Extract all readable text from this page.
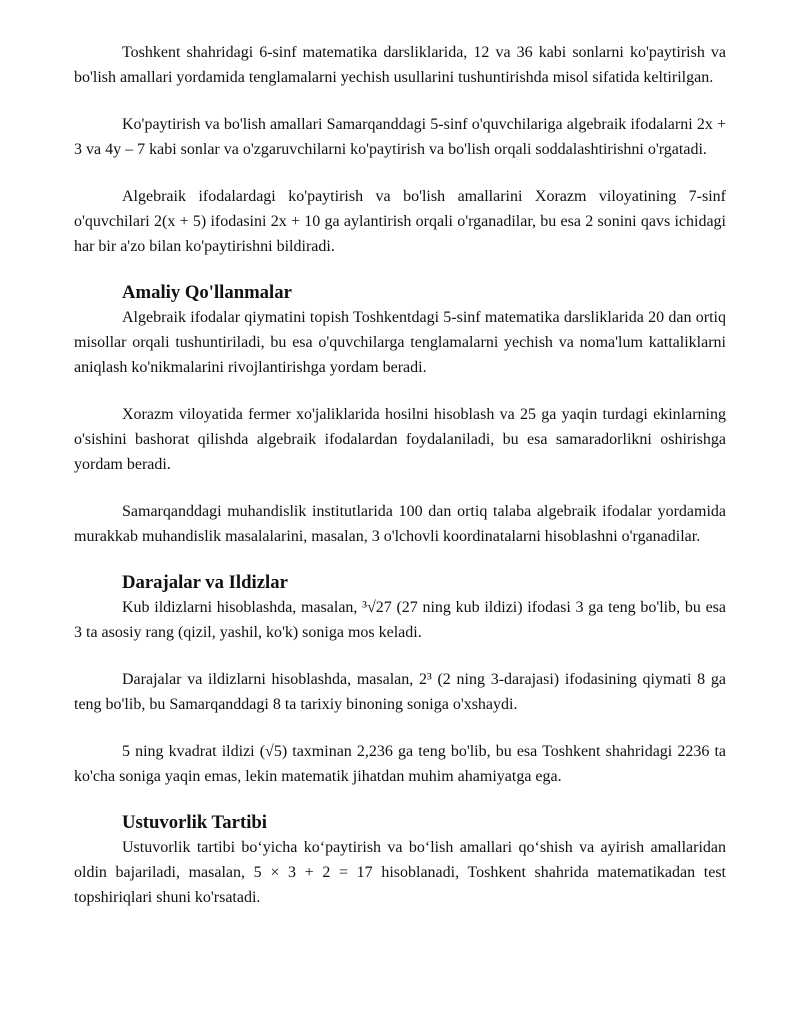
Toshkent shahridagi 6-sinf matematika darsliklarida, 12 va 36 kabi sonlarni ko'paytirish va bo'lish amallari yordamida tenglamalarni yechish usullarini tushuntirishda misol sifatida keltirilgan.

Ko'paytirish va bo'lish amallari Samarqanddagi 5-sinf o'quvchilariga algebraik ifodalarni 2x + 3 va 4y – 7 kabi sonlar va o'zgaruvchilarni ko'paytirish va bo'lish orqali soddalashtirishni o'rgatadi.

Algebraik ifodalardagi ko'paytirish va bo'lish amallarini Xorazm viloyatining 7-sinf o'quvchilari 2(x + 5) ifodasini 2x + 10 ga aylantirish orqali o'rganadilar, bu esa 2 sonini qavs ichidagi har bir a'zo bilan ko'paytirishni bildiradi.

Amaliy Qo'llanmalar

Algebraik ifodalar qiymatini topish Toshkentdagi 5-sinf matematika darsliklarida 20 dan ortiq misollar orqali tushuntiriladi, bu esa o'quvchilarga tenglamalarni yechish va noma'lum kattaliklarni aniqlash ko'nikmalarini rivojlantirishga yordam beradi.

Xorazm viloyatida fermer xo'jaliklarida hosilni hisoblash va 25 ga yaqin turdagi ekinlarning o'sishini bashorat qilishda algebraik ifodalardan foydalaniladi, bu esa samaradorlikni oshirishga yordam beradi.

Samarqanddagi muhandislik institutlarida 100 dan ortiq talaba algebraik ifodalar yordamida murakkab muhandislik masalalarini, masalan, 3 o'lchovli koordinatalarni hisoblashni o'rganadilar.

Darajalar va Ildizlar

Kub ildizlarni hisoblashda, masalan, ³√27 (27 ning kub ildizi) ifodasi 3 ga teng bo'lib, bu esa 3 ta asosiy rang (qizil, yashil, ko'k) soniga mos keladi.

Darajalar va ildizlarni hisoblashda, masalan, 2³ (2 ning 3-darajasi) ifodasining qiymati 8 ga teng bo'lib, bu Samarqanddagi 8 ta tarixiy binoning soniga o'xshaydi.

5 ning kvadrat ildizi (√5) taxminan 2,236 ga teng bo'lib, bu esa Toshkent shahridagi 2236 ta ko'cha soniga yaqin emas, lekin matematik jihatdan muhim ahamiyatga ega.

Ustuvorlik Tartibi

Ustuvorlik tartibi bo‘yicha ko‘paytirish va bo‘lish amallari qo‘shish va ayirish amallaridan oldin bajariladi, masalan, 5 × 3 + 2 = 17 hisoblanadi, Toshkent shahrida matematikadan test topshiriqlari shuni ko'rsatadi.
